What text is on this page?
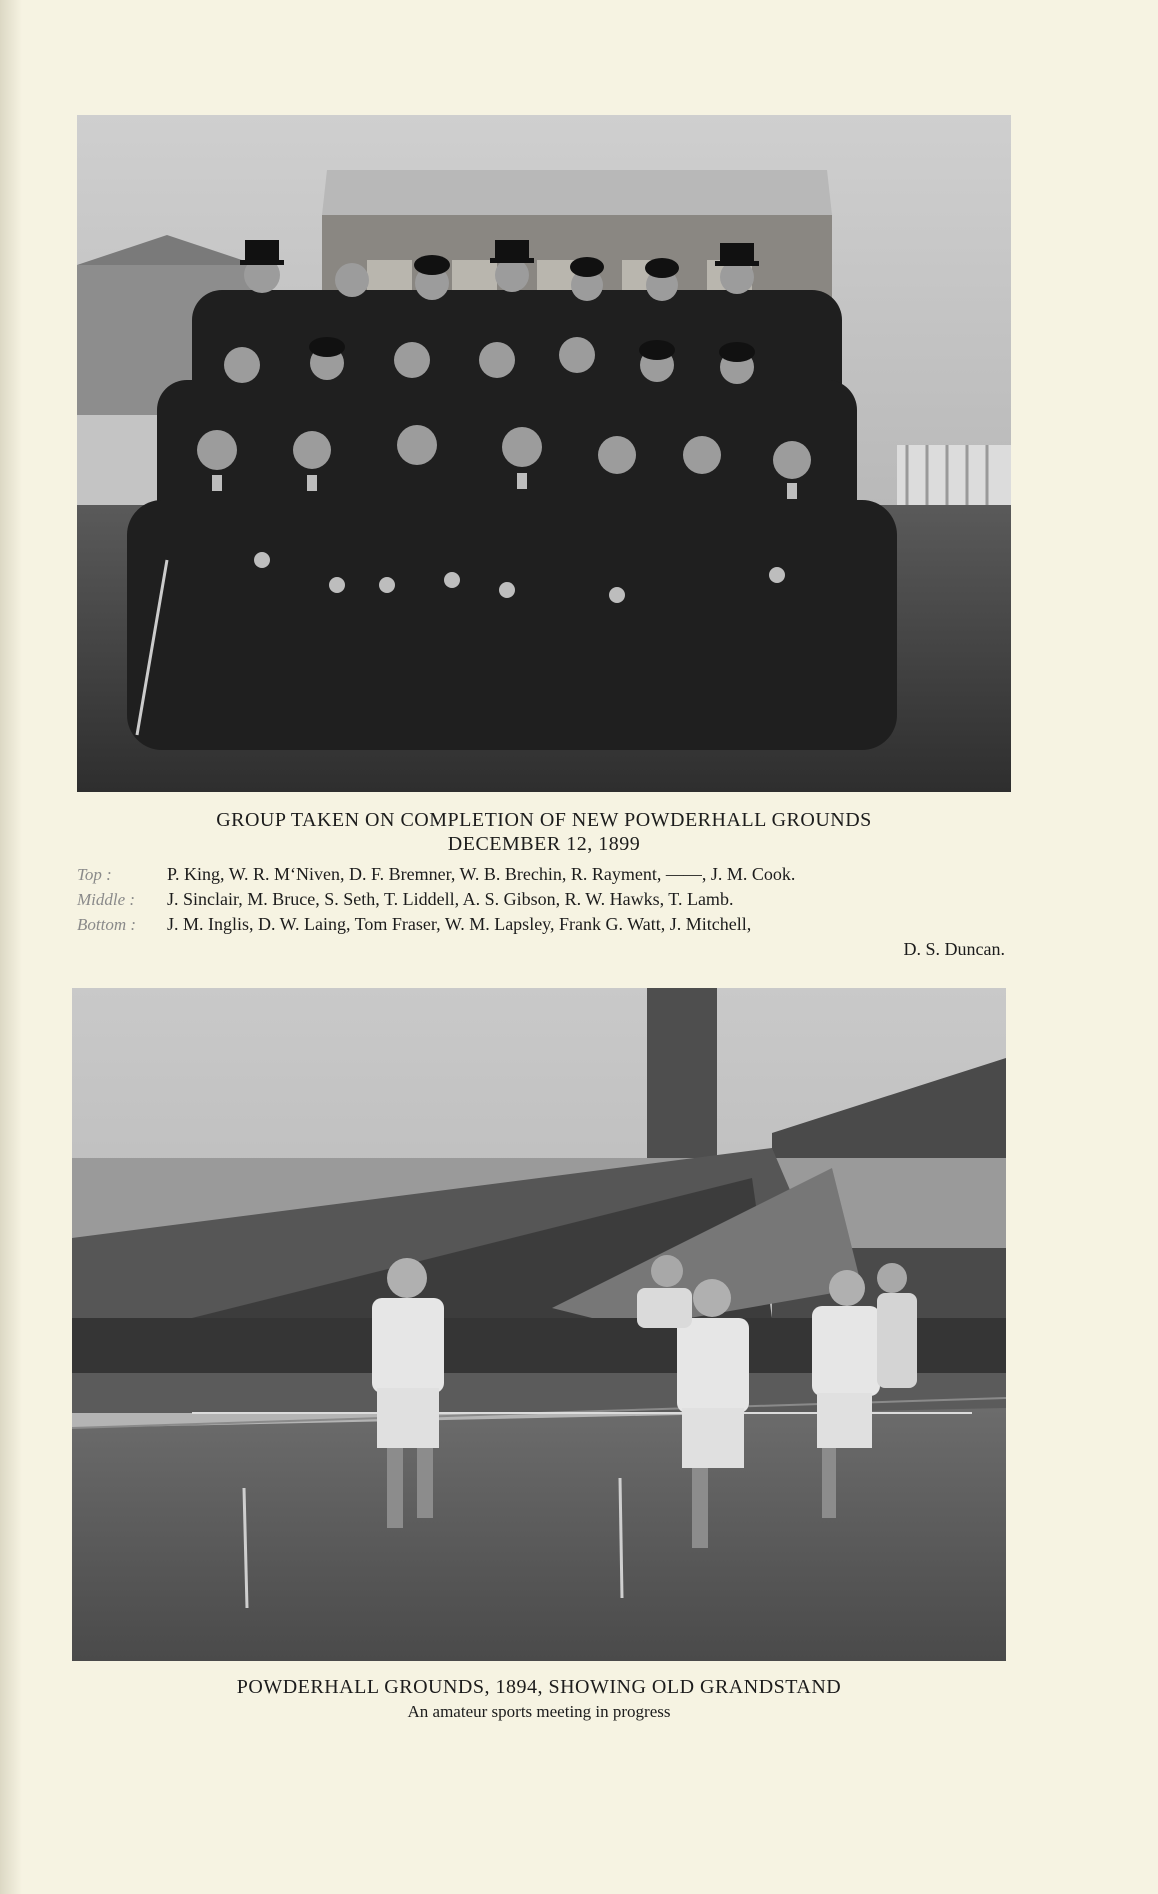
GROUP TAKEN ON COMPLETION OF NEW POWDERHALL GROUNDS
DECEMBER 12, 1899
Top :	P. King, W. R. M‘Niven, D. F. Bremner, W. B. Brechin, R. Rayment, ——, J. M. Cook.
Middle :	J. Sinclair, M. Bruce, S. Seth, T. Liddell, A. S. Gibson, R. W. Hawks, T. Lamb.
Bottom :	J. M. Inglis, D. W. Laing, Tom Fraser, W. M. Lapsley, Frank G. Watt, J. Mitchell,
D. S. Duncan.
POWDERHALL GROUNDS, 1894, SHOWING OLD GRANDSTAND
An amateur sports meeting in progress
